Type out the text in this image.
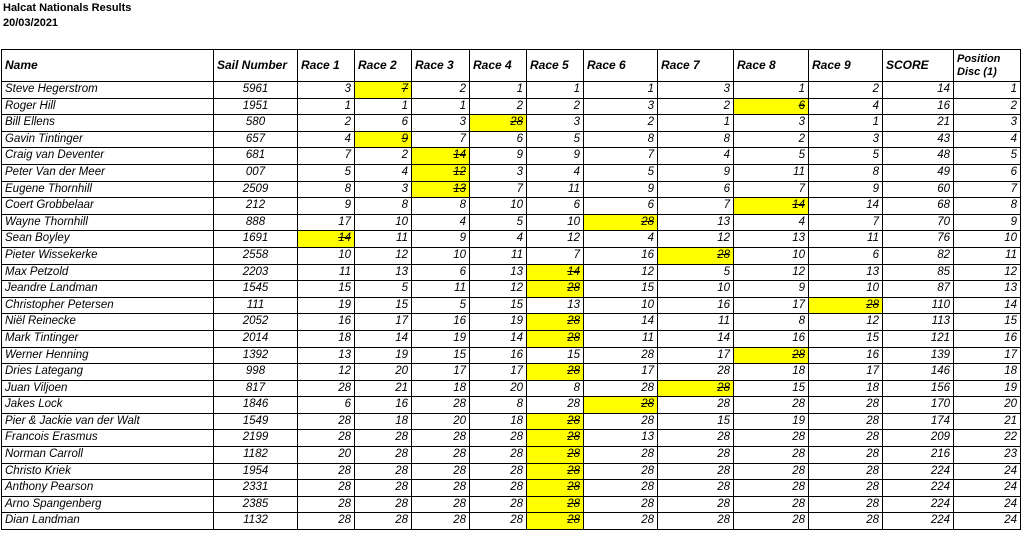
Halcat Nationals Results
20/03/2021
Name	Sail Number	Race 1	Race 2	Race 3	Race 4	Race 5	Race 6	Race 7	Race 8	Race 9	SCORE	Position Disc (1)
Steve Hegerstrom	5961	3	7	2	1	1	1	3	1	2	14	1
Roger Hill	1951	1	1	1	2	2	3	2	6	4	16	2
Bill Ellens	580	2	6	3	28	3	2	1	3	1	21	3
Gavin Tintinger	657	4	9	7	6	5	8	8	2	3	43	4
Craig van Deventer	681	7	2	14	9	9	7	4	5	5	48	5
Peter Van der Meer	007	5	4	12	3	4	5	9	11	8	49	6
Eugene Thornhill	2509	8	3	13	7	11	9	6	7	9	60	7
Coert Grobbelaar	212	9	8	8	10	6	6	7	14	14	68	8
Wayne Thornhill	888	17	10	4	5	10	28	13	4	7	70	9
Sean Boyley	1691	14	11	9	4	12	4	12	13	11	76	10
Pieter Wissekerke	2558	10	12	10	11	7	16	28	10	6	82	11
Max Petzold	2203	11	13	6	13	14	12	5	12	13	85	12
Jeandre Landman	1545	15	5	11	12	28	15	10	9	10	87	13
Christopher Petersen	111	19	15	5	15	13	10	16	17	28	110	14
Niël Reinecke	2052	16	17	16	19	28	14	11	8	12	113	15
Mark Tintinger	2014	18	14	19	14	28	11	14	16	15	121	16
Werner Henning	1392	13	19	15	16	15	28	17	28	16	139	17
Dries Lategang	998	12	20	17	17	28	17	28	18	17	146	18
Juan Viljoen	817	28	21	18	20	8	28	28	15	18	156	19
Jakes Lock	1846	6	16	28	8	28	28	28	28	28	170	20
Pier & Jackie van der Walt	1549	28	18	20	18	28	28	15	19	28	174	21
Francois Erasmus	2199	28	28	28	28	28	13	28	28	28	209	22
Norman Carroll	1182	20	28	28	28	28	28	28	28	28	216	23
Christo Kriek	1954	28	28	28	28	28	28	28	28	28	224	24
Anthony Pearson	2331	28	28	28	28	28	28	28	28	28	224	24
Arno Spangenberg	2385	28	28	28	28	28	28	28	28	28	224	24
Dian Landman	1132	28	28	28	28	28	28	28	28	28	224	24
